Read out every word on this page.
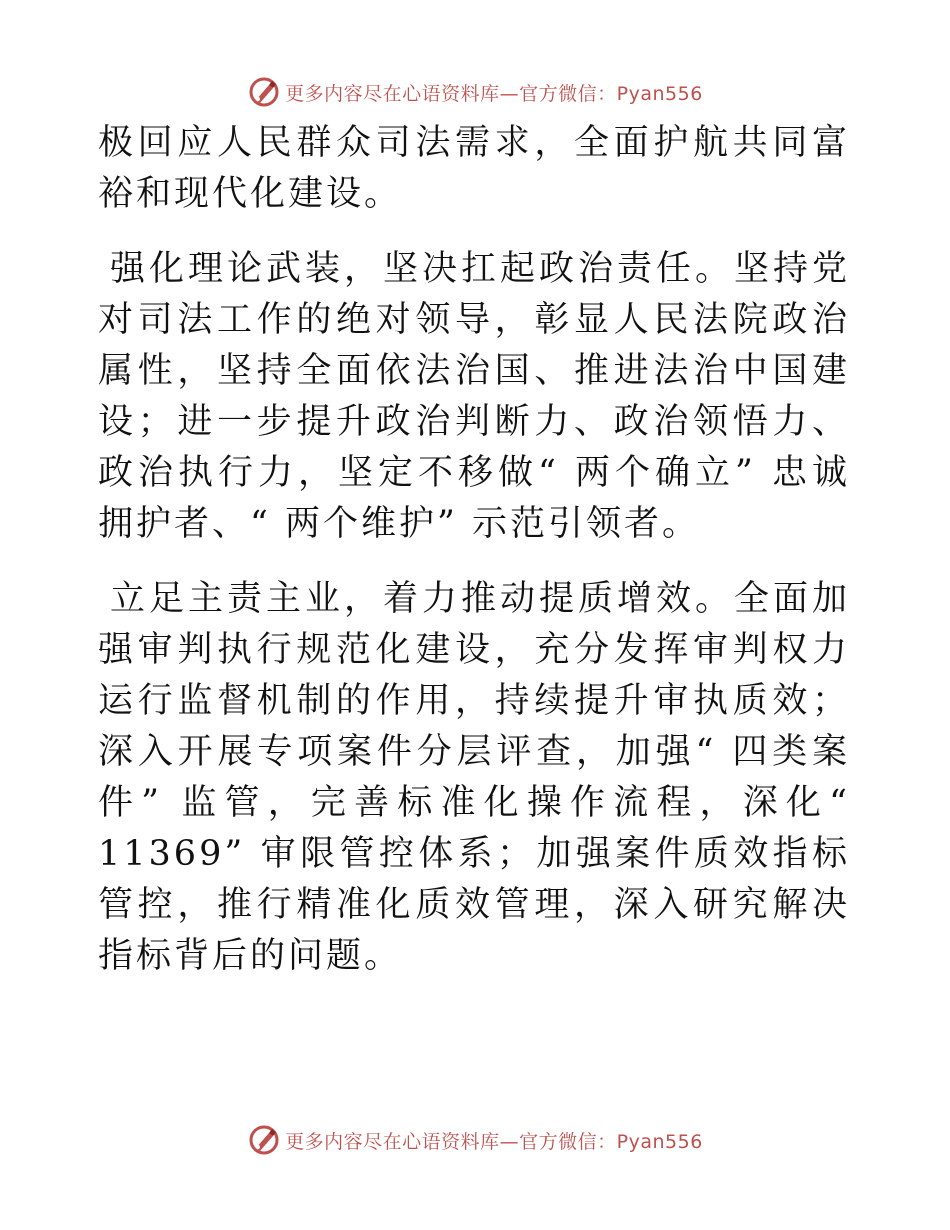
更多内容尽在心语资料库—官方微信：Pyan556

极回应人民群众司法需求，全面护航共同富裕和现代化建设。

强化理论武装，坚决扛起政治责任。坚持党对司法工作的绝对领导，彰显人民法院政治属性，坚持全面依法治国、推进法治中国建设；进一步提升政治判断力、政治领悟力、政治执行力，坚定不移做“ 两个确立” 忠诚拥护者、“ 两个维护” 示范引领者。

立足主责主业，着力推动提质增效。全面加强审判执行规范化建设，充分发挥审判权力运行监督机制的作用，持续提升审执质效；深入开展专项案件分层评查，加强“ 四类案件” 监管，完善标准化操作流程，深化“ 11369” 审限管控体系；加强案件质效指标管控，推行精准化质效管理，深入研究解决指标背后的问题。

更多内容尽在心语资料库—官方微信：Pyan556
